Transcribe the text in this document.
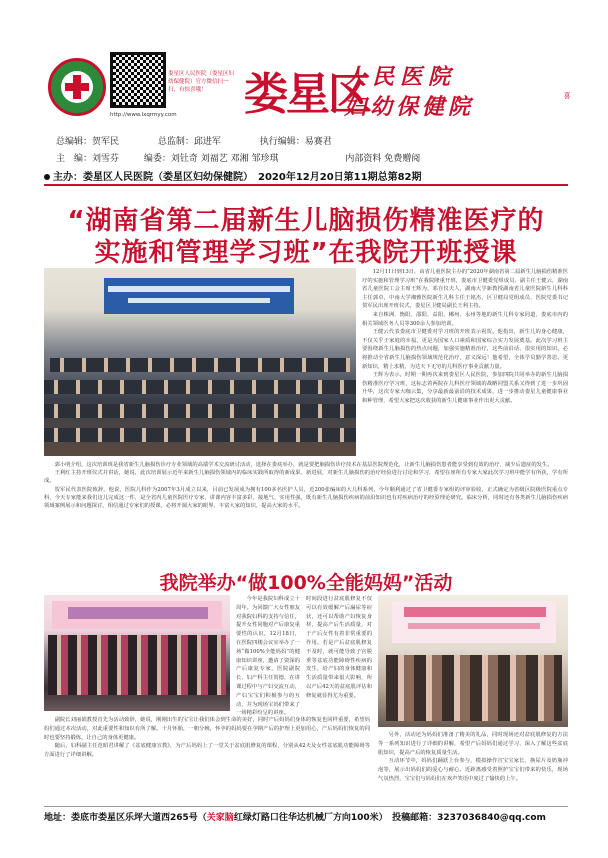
娄星区人民医院（娄星区妇幼保健院）官方微信扫一扫，有惊喜哦！
http://www.lxqrmyy.com 娄星区
人民医院
妇幼保健院	喜
总编辑：贺军民	总监制：邱进军	执行编辑：易赛君
主　编：刘雪芬	编委：刘钍奇 刘福艺 邓湘 邹珍琪	内部资料 免费赠阅
主办：娄星区人民医院（娄星区妇幼保健院）　2020年12月20日第11期总第82期
“湖南省第二届新生儿脑损伤精准医疗的
实施和管理学习班”在我院开班授课

12月11日到13日，由省儿童医院主办的“2020年湖南省第二届新生儿脑损伤精准医疗的实施和管理学习班”在我院隆重开班，娄底市卫健委党组成员、副主任王健云，湖南省儿童医院工会主席王辉为，邓自仪夫人，湖南大学新教授湖南省儿童医院新生儿科科主任郭卓，中南大学湘雅医院新生儿科主任王铭杰，区卫健局党组成员、医院党委书记贺军民出席开班仪式，娄星区卫健局副长王利主持。

来自株洲、衡阳、邵阳、益阳、郴州、永州等地的新生儿科专家同道，娄底市内的相关领域医务人员等300余人参加培训。

王健云代表娄底市卫健委对学习班的开班表示祝贺。他指出，新生儿的身心健康，不仅关乎于家庭的幸福，更是为国家人口素质和国家综合实力发展奠基。此次学习班主要围绕新生儿脑损伤的热点问题，加强实施精准治疗，这些前沿话、很实用的知识，必将推动全省新生儿脑损伤领域规范化治疗，意义深远！他希望，全体学员勤学善思，更新知识，精上求精，为达天下无穷的儿科医疗事业贡献力量。

王辉为表示，时期一期再次来到娄星区人民医院，参加四院共同举办的新生儿脑损伤精准医疗学习班，这标志着两院在儿科医疗领域的战略同盟关系又得到了进一步巩固升华，这次专家大咖云集，分享最新最前沿的技术成果，进一步推动娄星儿童健康事业和种管理，希望大家把这次收获的新生儿健康事业作出更大贡献。

郭小明介绍，这次培训班是我省新生儿脑损伤诊疗专业领域的高端学术交流研讨活动，选择在娄底举办，就是要把脑损伤诊疗技术在基层医院规范化，让新生儿脑损伤患者能享受到有效的治疗，减少后遗症的发生。

王利红主持开班仪式并讲话，她说，此次培训展示近年来新生儿脑损伤领域内的临床实践所取得的新成果、新进展，对新生儿脑损伤的治疗经验进行讨论和学习，希望在座所有专家大家此次学习班中能学有所获，学有所成。

贺军民代表医院致辞，他说，医院儿科作为2007年3月成立以来，目前已发展成为拥有100多名医护人员，近200张编床的大儿科系列，今年顺利通过了省卫健委专家组的评审验收，正式确定为省级区院级医院重点专科，今天专家能来我们这儿完成这一件，是全省内儿童医院医疗专家，讲课内容丰富多彩，接地气、实用性强，既有新生儿脑损伤疾病的前沿知识也有对疾病治疗的经验理论研究。临床分析，同时还有各类新生儿脑损伤疾病领域案例展示和问题探讨，相信通过专家们的授课，必将开阔大家的眼界，丰富大家的知识，提高大家的水平。

我院举办“做100%全能妈妈”活动

今年是我院妇科成立十周年。为回馈广大女性朋友对我院妇科的支持与信任，提升女性同胞对产后康复重要性的认识，12月18日，在医院四楼会议室举办了一场“做100%全能妈妈”的健康知识讲座，邀请了资深的产后康复专家，医院副院长、妇产科主任贺德，在讲课过程中与产妇交流互动，产妇宝宝们积极参与的互动，并为现场宝妈们带来了一场精彩纷呈的讲座。

时间段进行盆底肌修复不仅可以有效缓解产后漏尿等症状，还可以帮助产妇恢复身材，提高产后生活质量，对于产后女性有着非常重要的作用。若是产后盆底肌修复不及时，就可能导致子宫脱垂等盆底功能障碍性疾病的发生，给产妇的身体健康和生活质量带来很大影响，所以产后42天的盆底肌评估和修复就显得尤为重要。

副院长刘丽娟教授首先为活动致辞，她说，刚刚出生的宝宝让我们体会到生命的美好，同时产后妈妈们身体的恢复也同样重要，希望妈妈们通过本次活动，对此重要性和知识有所了解。十月怀胎，一朝分娩，怀孕的妈妈要在孕期产后的护理上更加用心，产后妈妈们恢复的同时也要坚持锻炼，让自己的身体更健康。

随后，妇科副主任范昭君讲解了《盆底健康宣教》，为产后妈妈上了一堂关于盆底肌修复的课程，分别从42天及女性盆底肌功能障碍等方面进行了详细讲解。

另外，活动还为妈妈们准备了精美的礼品，同时现场还对盆底肌修复的方法等一系列知识进行了详细的讲解，希望产后妈妈们通过学习，深入了解这些盆底肌知识，提高产后的恢复质量生活。

互动环节中，妈妈们踊跃上台参与，模拟操作宣宝宝家长、换尿片及奶瓶冲泡等，展示出妈妈们的爱心与耐心。近距离感受着照护宝宝们带来的快乐，现场气氛热烈，宝宝们与妈妈们在欢声笑语中度过了愉快的上午。

地址：娄底市娄星区乐坪大道西265号（关家脑红绿灯路口往华达机械厂方向100米）　投稿邮箱：3237036840@qq.com
